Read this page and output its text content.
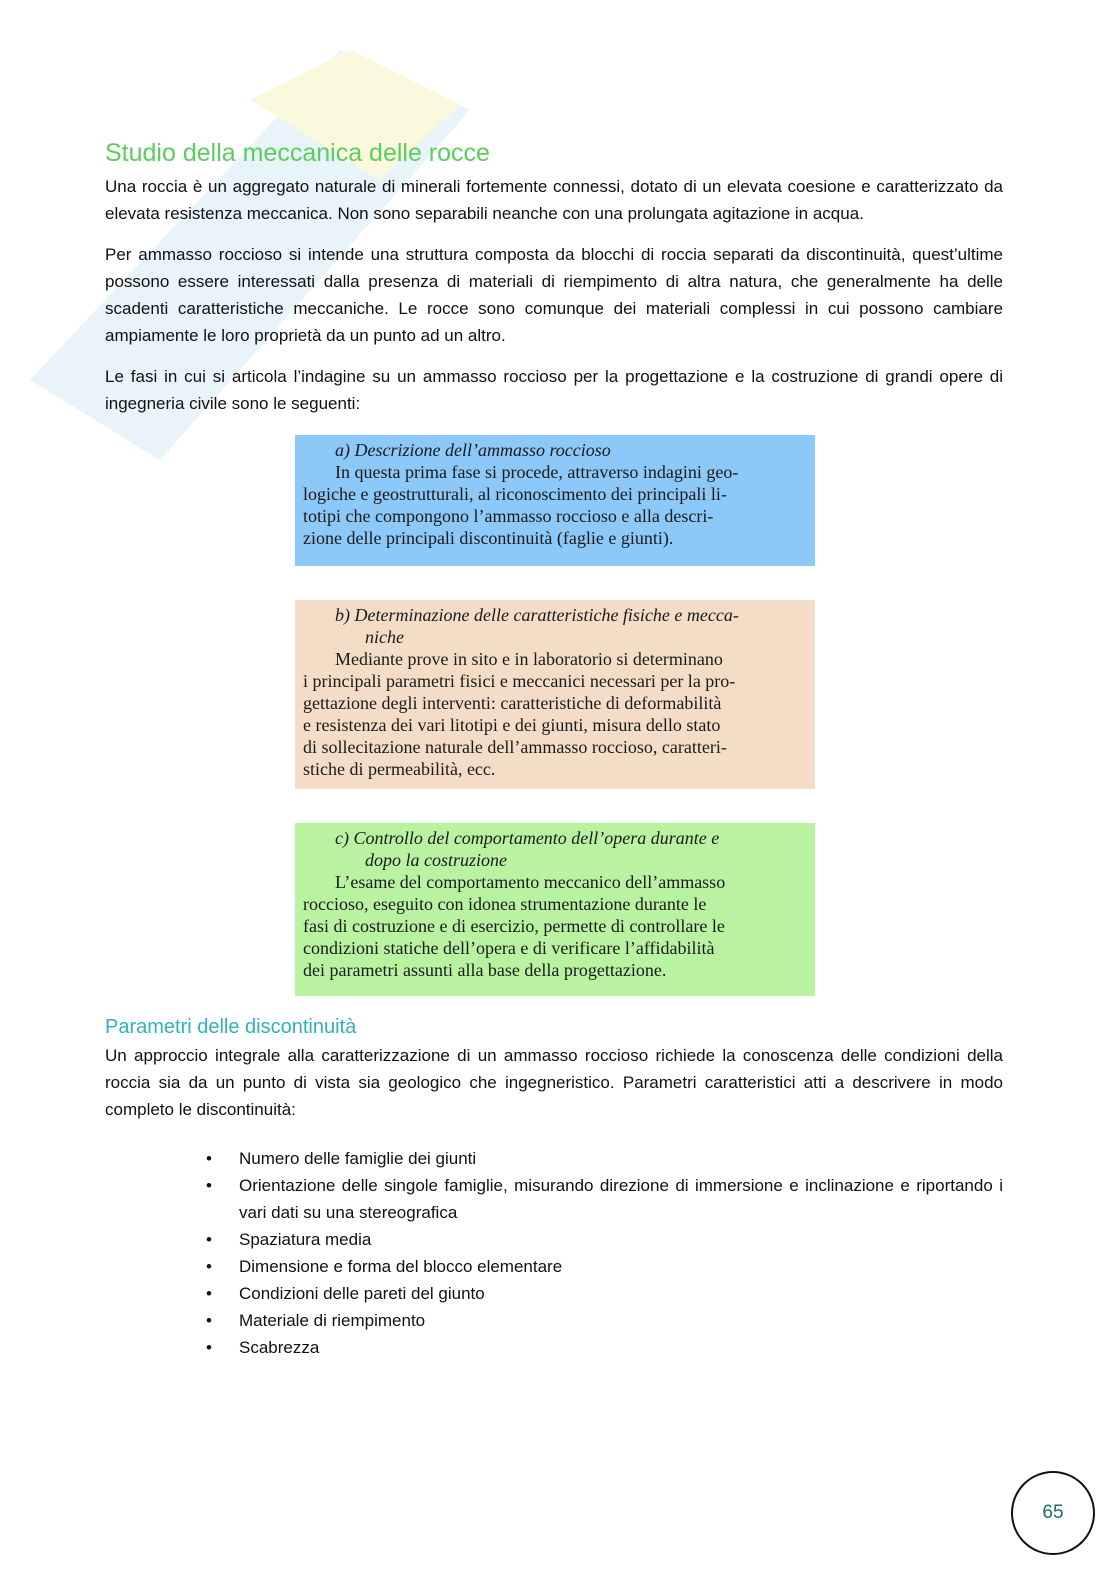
Studio della meccanica delle rocce

Una roccia è un aggregato naturale di minerali fortemente connessi, dotato di un elevata coesione e caratterizzato da elevata resistenza meccanica. Non sono separabili neanche con una prolungata agitazione in acqua.

Per ammasso roccioso si intende una struttura composta da blocchi di roccia separati da discontinuità, quest’ultime possono essere interessati dalla presenza di materiali di riempimento di altra natura, che generalmente ha delle scadenti caratteristiche meccaniche. Le rocce sono comunque dei materiali complessi in cui possono cambiare ampiamente le loro proprietà da un punto ad un altro.

Le fasi in cui si articola l’indagine su un ammasso roccioso per la progettazione e la costruzione di grandi opere di ingegneria civile sono le seguenti:

a) Descrizione dell’ammasso roccioso
In questa prima fase si procede, attraverso indagini geo-
logiche e geostrutturali, al riconoscimento dei principali li-
totipi che compongono l’ammasso roccioso e alla descri-
zione delle principali discontinuità (faglie e giunti).
b) Determinazione delle caratteristiche fisiche e mecca-
niche
Mediante prove in sito e in laboratorio si determinano
i principali parametri fisici e meccanici necessari per la pro-
gettazione degli interventi: caratteristiche di deformabilità
e resistenza dei vari litotipi e dei giunti, misura dello stato
di sollecitazione naturale dell’ammasso roccioso, caratteri-
stiche di permeabilità, ecc.
c) Controllo del comportamento dell’opera durante e
dopo la costruzione
L’esame del comportamento meccanico dell’ammasso
roccioso, eseguito con idonea strumentazione durante le
fasi di costruzione e di esercizio, permette di controllare le
condizioni statiche dell’opera e di verificare l’affidabilità
dei parametri assunti alla base della progettazione.
Parametri delle discontinuità

Un approccio integrale alla caratterizzazione di un ammasso roccioso richiede la conoscenza delle condizioni della roccia sia da un punto di vista sia geologico che ingegneristico. Parametri caratteristici atti a descrivere in modo completo le discontinuità:

• Numero delle famiglie dei giunti
• Orientazione delle singole famiglie, misurando direzione di immersione e inclinazione e riportando i vari dati su una stereografica
• Spaziatura media
• Dimensione e forma del blocco elementare
• Condizioni delle pareti del giunto
• Materiale di riempimento
• Scabrezza
65
